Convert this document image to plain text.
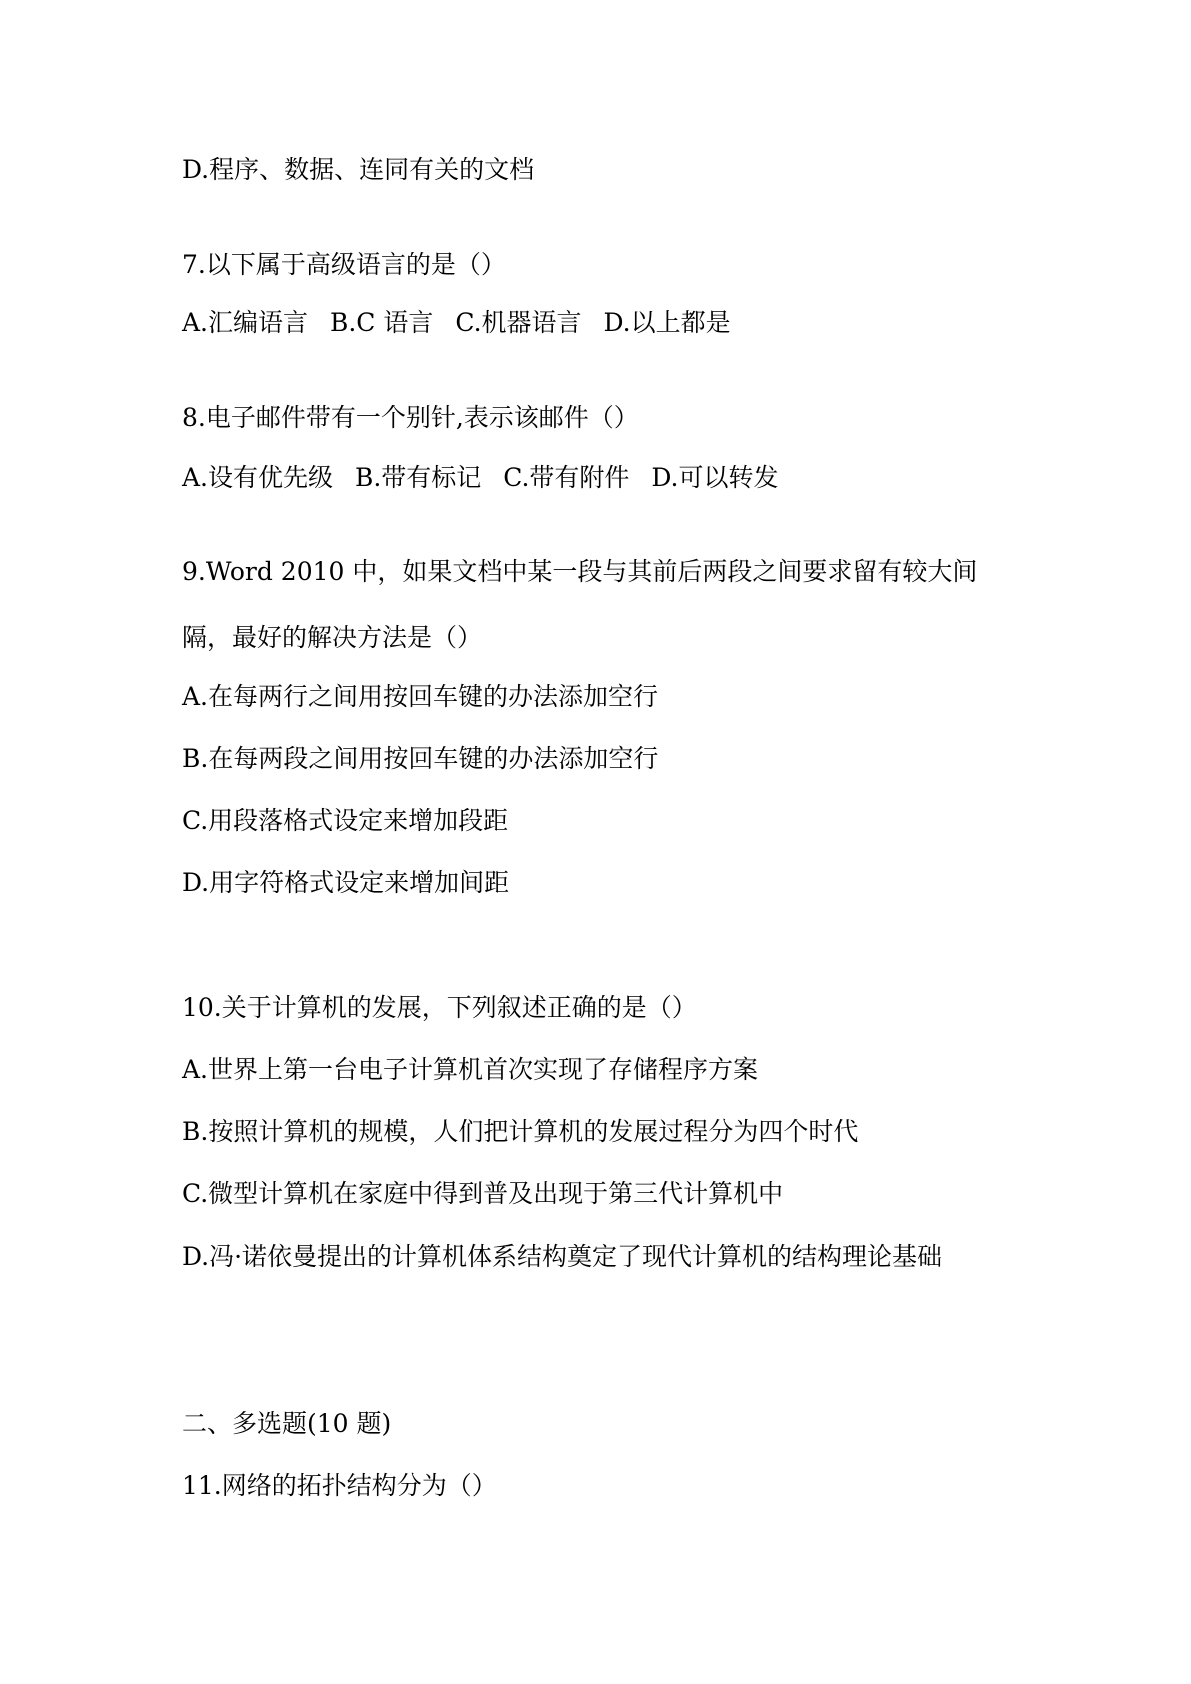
D.程序、数据、连同有关的文档
7.以下属于高级语言的是（）
A.汇编语言 B.C 语言 C.机器语言 D.以上都是
8.电子邮件带有一个别针,表示该邮件（）
A.设有优先级 B.带有标记 C.带有附件 D.可以转发
9.Word 2010 中，如果文档中某一段与其前后两段之间要求留有较大间
隔，最好的解决方法是（）
A.在每两行之间用按回车键的办法添加空行
B.在每两段之间用按回车键的办法添加空行
C.用段落格式设定来增加段距
D.用字符格式设定来增加间距
10.关于计算机的发展，下列叙述正确的是（）
A.世界上第一台电子计算机首次实现了存储程序方案
B.按照计算机的规模，人们把计算机的发展过程分为四个时代
C.微型计算机在家庭中得到普及出现于第三代计算机中
D.冯·诺依曼提出的计算机体系结构奠定了现代计算机的结构理论基础
二、多选题(10 题)
11.网络的拓扑结构分为（）
